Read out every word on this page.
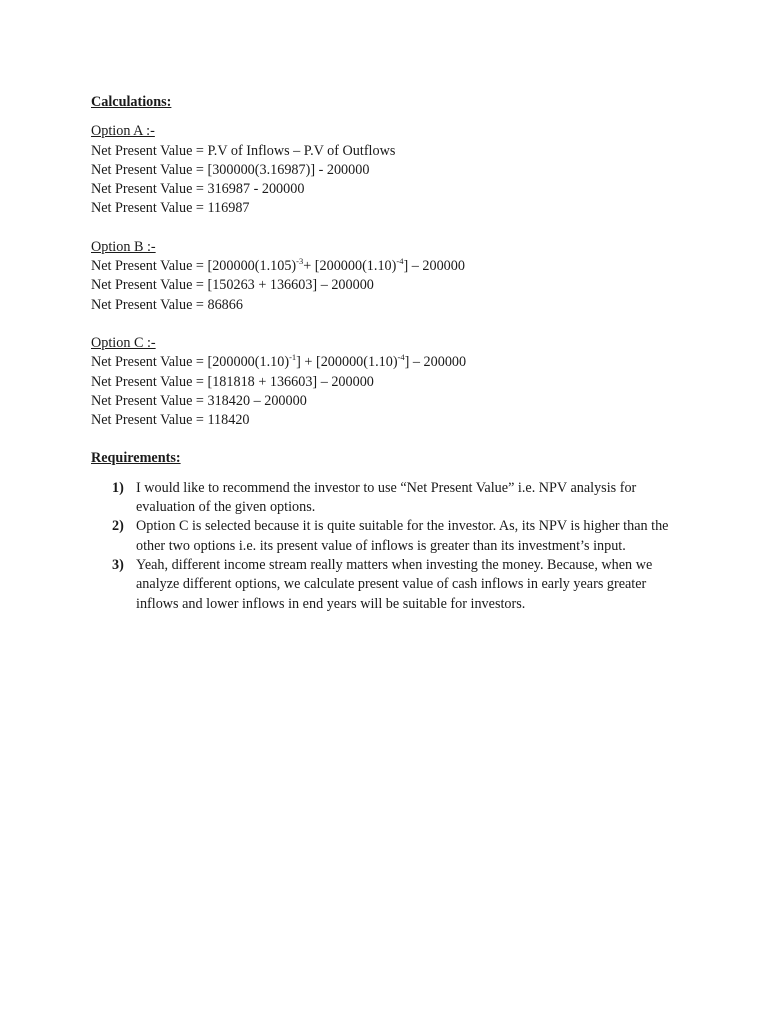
Calculations:

Option A :-

Net Present Value = P.V of Inflows – P.V of Outflows

Net Present Value = [300000(3.16987)] - 200000

Net Present Value = 316987 - 200000

Net Present Value = 116987

Option B :-

Net Present Value = [$200000(1.105)^{-3}+ [200000(1.10)^{-4}] - 200000$

Net Present Value = [150263 + 136603] – 200000

Net Present Value = 86866

Option C :-

Net Present Value = $[200000(1.10)^{-1}] + [200000(1.10)^{-4}] - 200000$

Net Present Value = [181818 + 136603] – 200000

Net Present Value = 318420 – 200000

Net Present Value = 118420

Requirements:

1) I would like to recommend the investor to use “Net Present Value” i.e. NPV analysis for evaluation of the given options.
2) Option C is selected because it is quite suitable for the investor. As, its NPV is higher than the other two options i.e. its present value of inflows is greater than its investment’s input.
3) Yeah, different income stream really matters when investing the money. Because, when we analyze different options, we calculate present value of cash inflows in early years greater inflows and lower inflows in end years will be suitable for investors.
